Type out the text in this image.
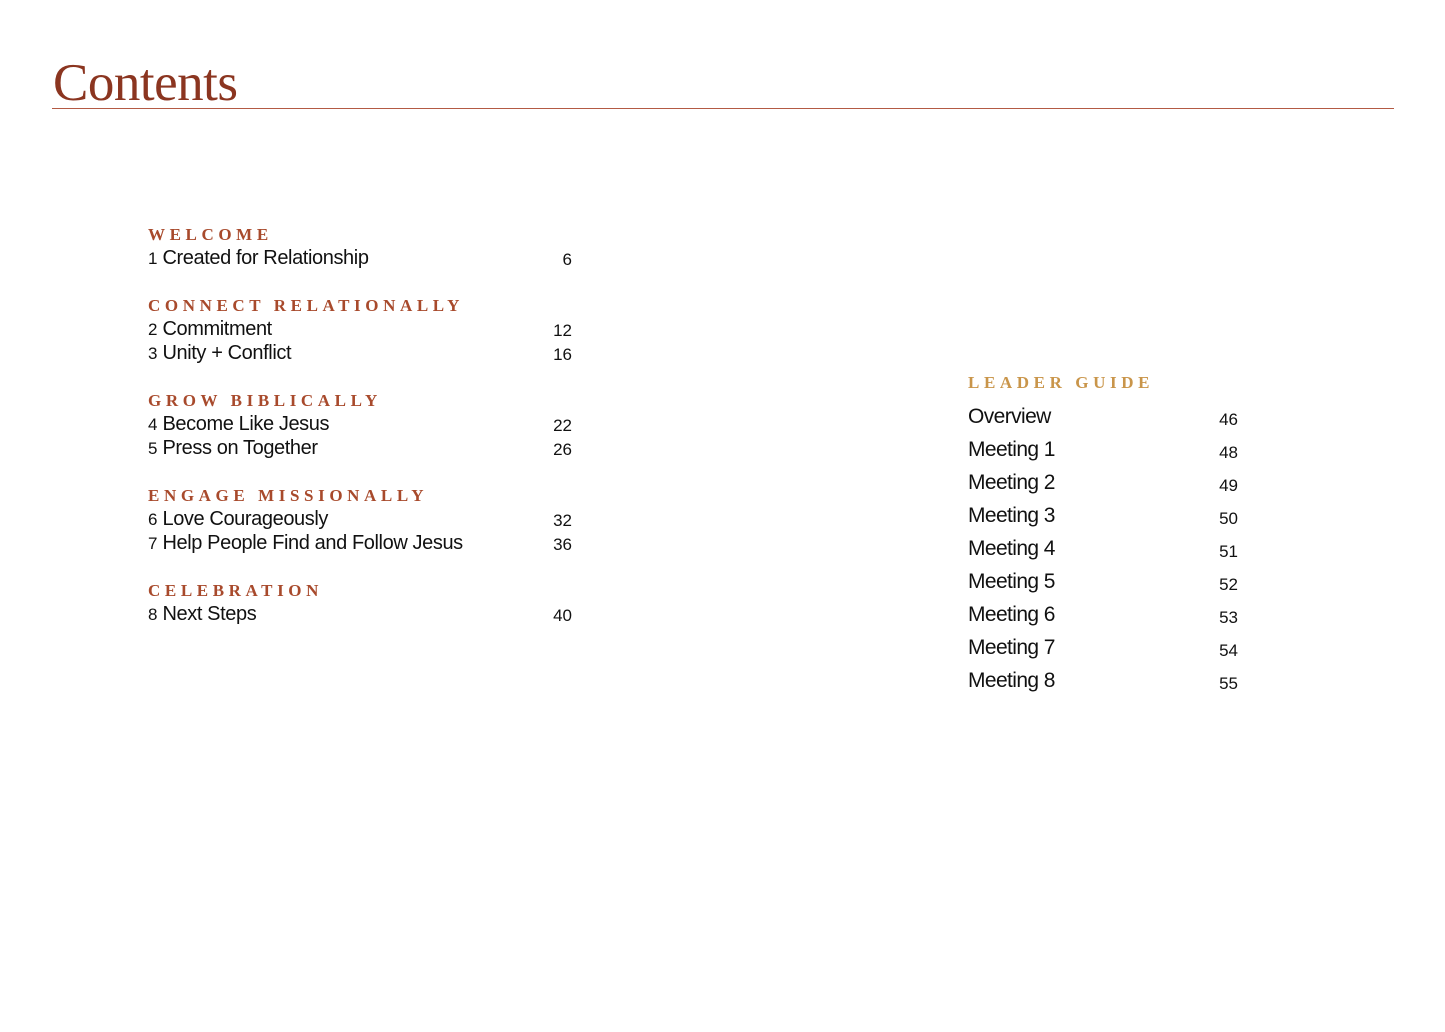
Contents
WELCOME
1 Created for Relationship	6
CONNECT RELATIONALLY
2 Commitment	12
3 Unity + Conflict	16
GROW BIBLICALLY
4 Become Like Jesus	22
5 Press on Together	26
ENGAGE MISSIONALLY
6 Love Courageously	32
7 Help People Find and Follow Jesus	36
CELEBRATION
8 Next Steps	40
LEADER GUIDE
Overview	46
Meeting 1	48
Meeting 2	49
Meeting 3	50
Meeting 4	51
Meeting 5	52
Meeting 6	53
Meeting 7	54
Meeting 8	55
